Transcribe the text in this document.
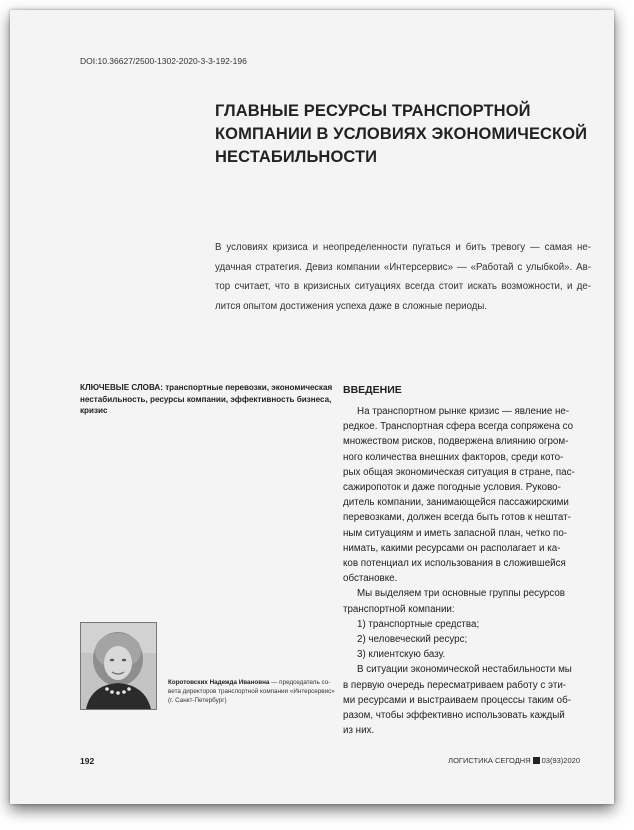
DOI:10.36627/2500-1302-2020-3-3-192-196
ГЛАВНЫЕ РЕСУРСЫ ТРАНСПОРТНОЙ
КОМПАНИИ В УСЛОВИЯХ ЭКОНОМИЧЕСКОЙ
НЕСТАБИЛЬНОСТИ
В условиях кризиса и неопределенности пугаться и бить тревогу — самая не-
удачная стратегия. Девиз компании «Интерсервис» — «Работай с улыбкой». Ав-
тор считает, что в кризисных ситуациях всегда стоит искать возможности, и де-
лится опытом достижения успеха даже в сложные периоды.
КЛЮЧЕВЫЕ СЛОВА: транспортные перевозки, экономическая
нестабильность, ресурсы компании, эффективность бизнеса,
кризис
Коротовских Надежда Ивановна — председатель со-
вета директоров транспортной компании «Интерсервис»
(г. Санкт-Петербург)
ВВЕДЕНИЕ
На транспортном рынке кризис — явление не-
редкое. Транспортная сфера всегда сопряжена со
множеством рисков, подвержена влиянию огром-
ного количества внешних факторов, среди кото-
рых общая экономическая ситуация в стране, пас-
сажиропоток и даже погодные условия. Руково-
дитель компании, занимающейся пассажирскими
перевозками, должен всегда быть готов к нештат-
ным ситуациям и иметь запасной план, четко по-
нимать, какими ресурсами он располагает и ка-
ков потенциал их использования в сложившейся
обстановке.
Мы выделяем три основные группы ресурсов
транспортной компании:
1) транспортные средства;
2) человеческий ресурс;
3) клиентскую базу.
В ситуации экономической нестабильности мы
в первую очередь пересматриваем работу с эти-
ми ресурсами и выстраиваем процессы таким об-
разом, чтобы эффективно использовать каждый
из них.
192	ЛОГИСТИКА СЕГОДНЯ 03(93)2020
